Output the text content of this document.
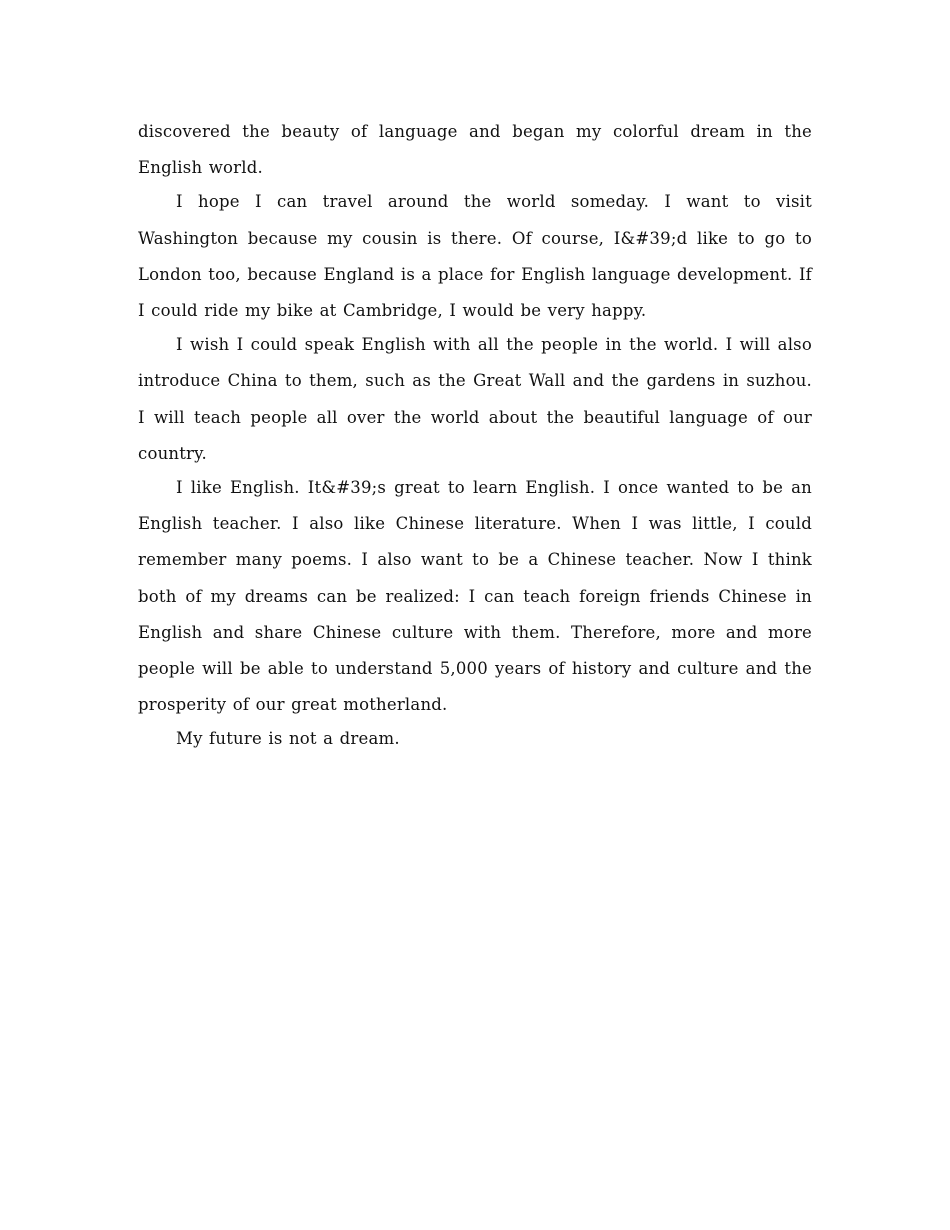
discovered the beauty of language and began my colorful dream in the English world.

I hope I can travel around the world someday. I want to visit Washington because my cousin is there. Of course, I&#39;d like to go to London too, because England is a place for English language development. If I could ride my bike at Cambridge, I would be very happy.

I wish I could speak English with all the people in the world. I will also introduce China to them, such as the Great Wall and the gardens in suzhou. I will teach people all over the world about the beautiful language of our country.

I like English. It&#39;s great to learn English. I once wanted to be an English teacher. I also like Chinese literature. When I was little, I could remember many poems. I also want to be a Chinese teacher. Now I think both of my dreams can be realized: I can teach foreign friends Chinese in English and share Chinese culture with them. Therefore, more and more people will be able to understand 5,000 years of history and culture and the prosperity of our great motherland.

My future is not a dream.
